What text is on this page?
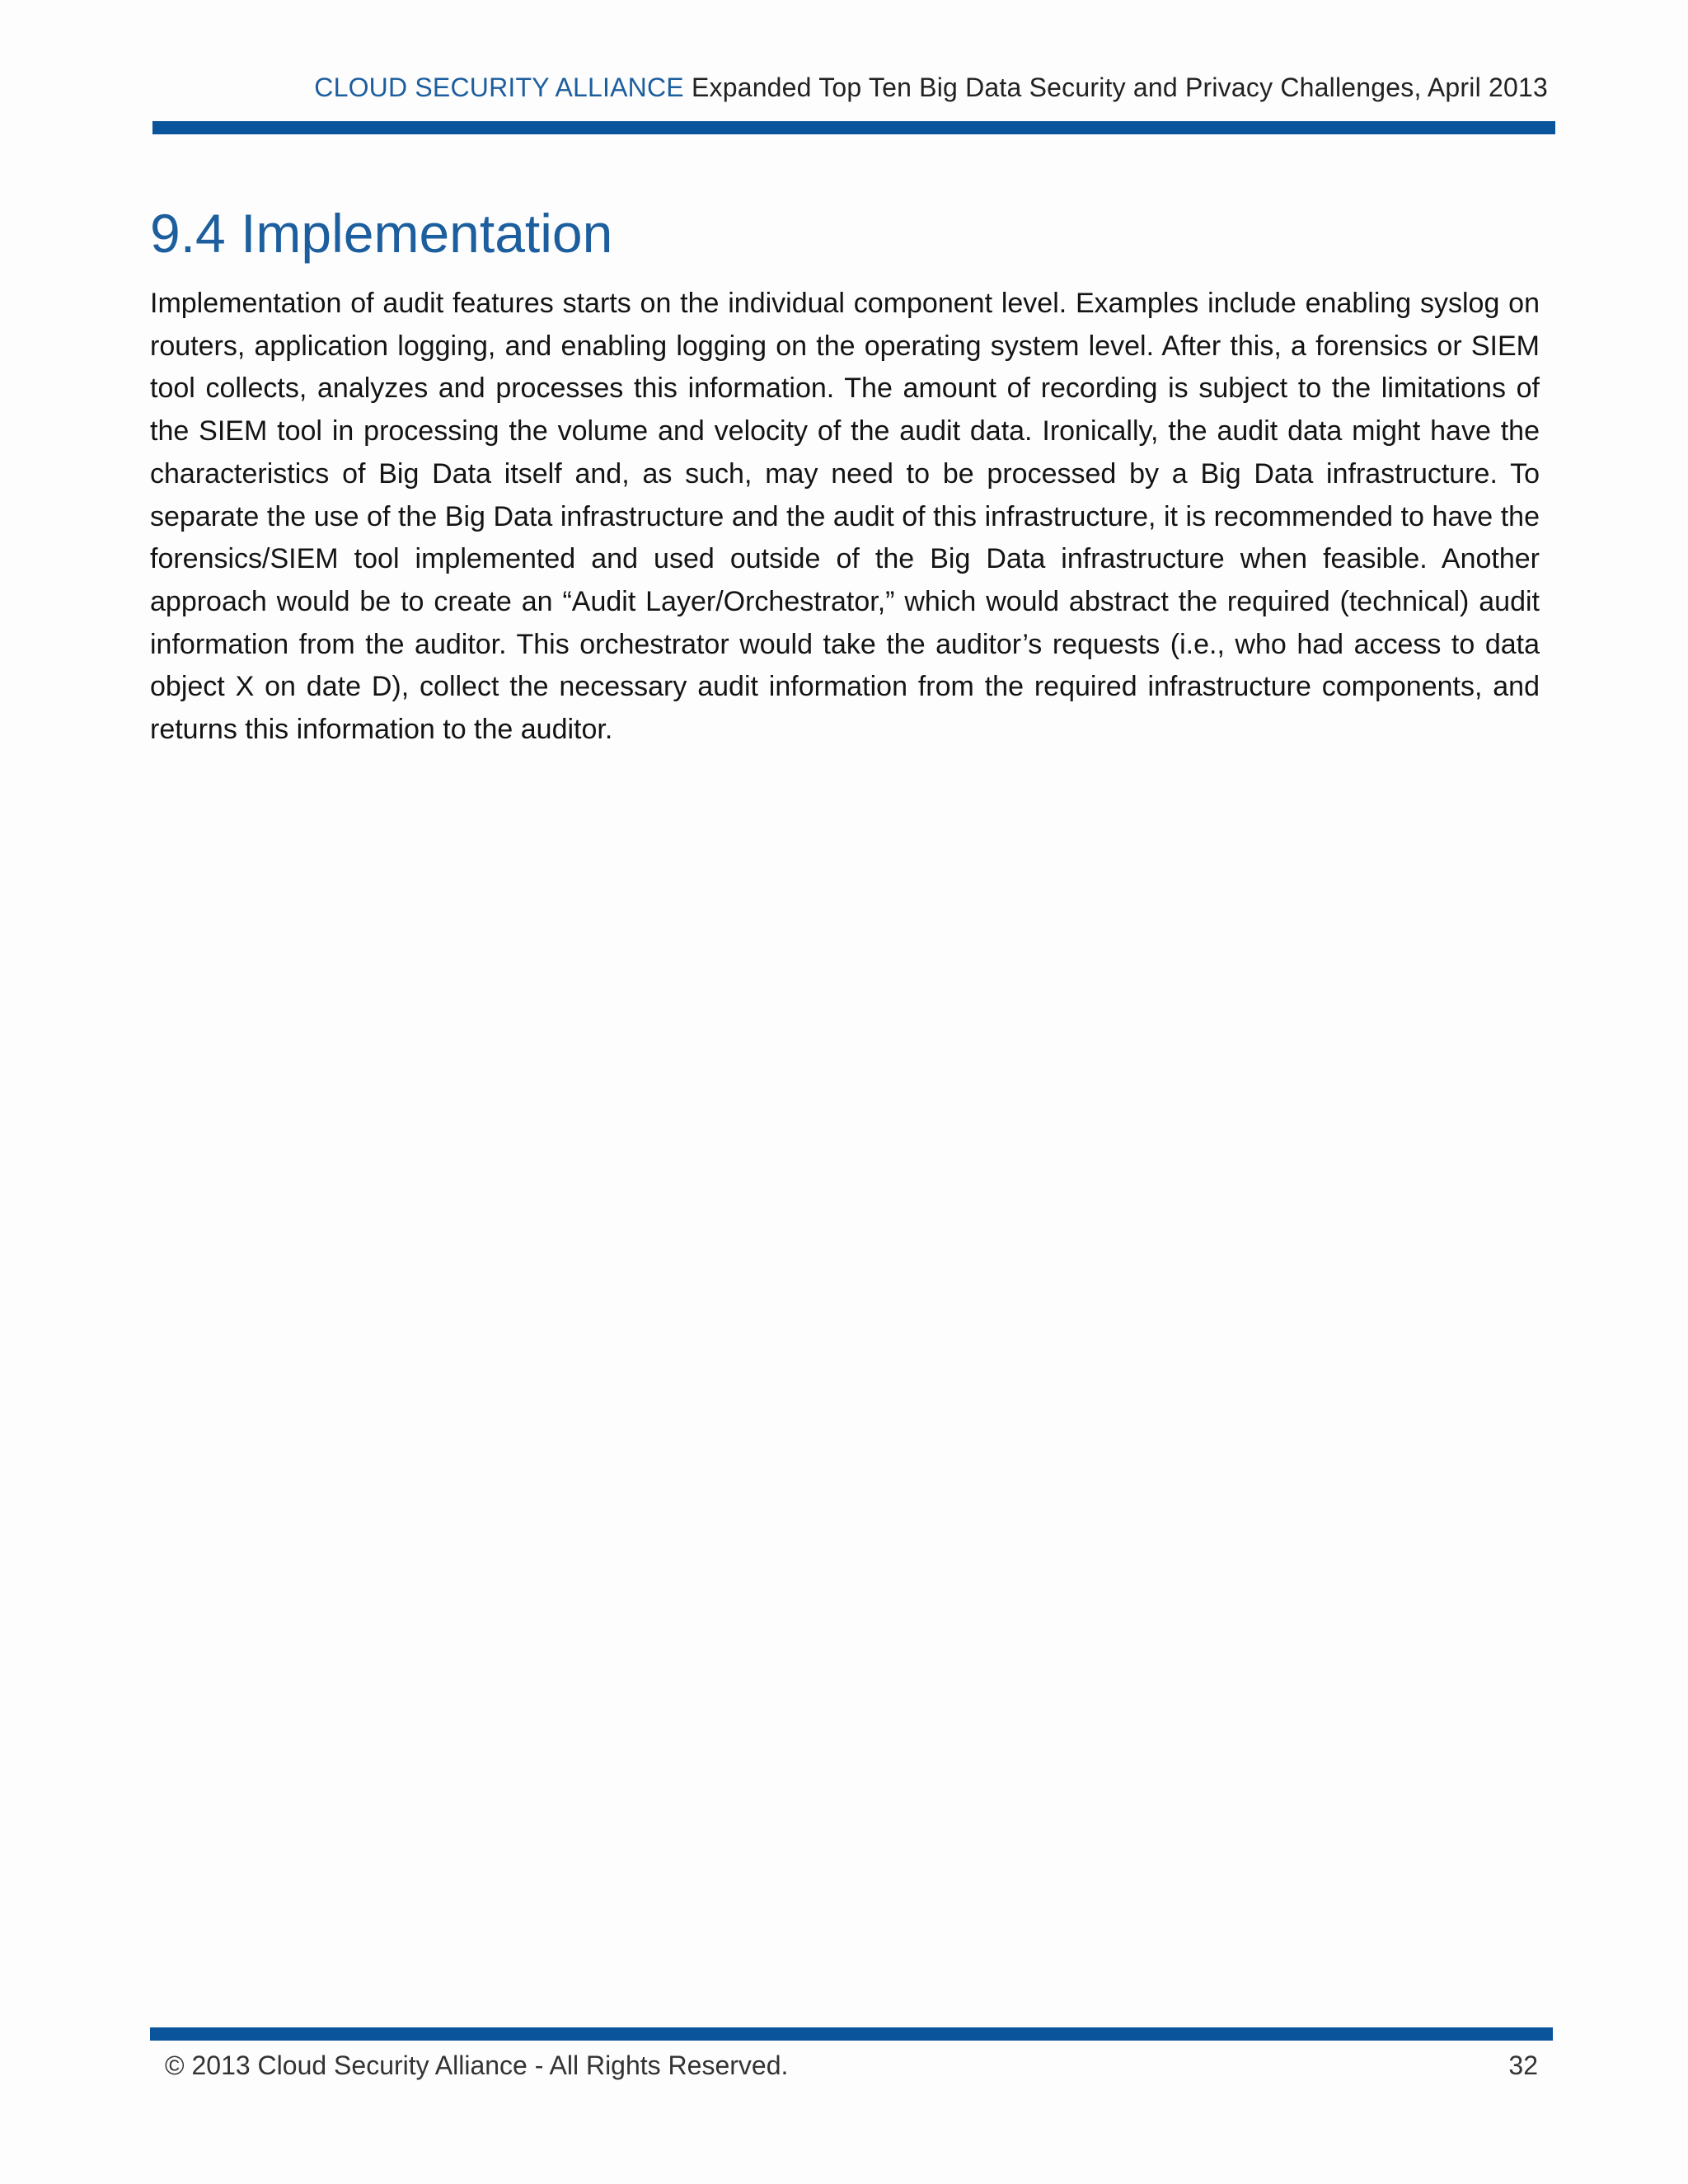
CLOUD SECURITY ALLIANCE Expanded Top Ten Big Data Security and Privacy Challenges, April 2013
9.4 Implementation

Implementation of audit features starts on the individual component level. Examples include enabling syslog on routers, application logging, and enabling logging on the operating system level. After this, a forensics or SIEM tool collects, analyzes and processes this information. The amount of recording is subject to the limitations of the SIEM tool in processing the volume and velocity of the audit data. Ironically, the audit data might have the characteristics of Big Data itself and, as such, may need to be processed by a Big Data infrastructure. To separate the use of the Big Data infrastructure and the audit of this infrastructure, it is recommended to have the forensics/SIEM tool implemented and used outside of the Big Data infrastructure when feasible. Another approach would be to create an “Audit Layer/Orchestrator,” which would abstract the required (technical) audit information from the auditor. This orchestrator would take the auditor’s requests (i.e., who had access to data object X on date D), collect the necessary audit information from the required infrastructure components, and returns this information to the auditor.

© 2013 Cloud Security Alliance - All Rights Reserved.	32
